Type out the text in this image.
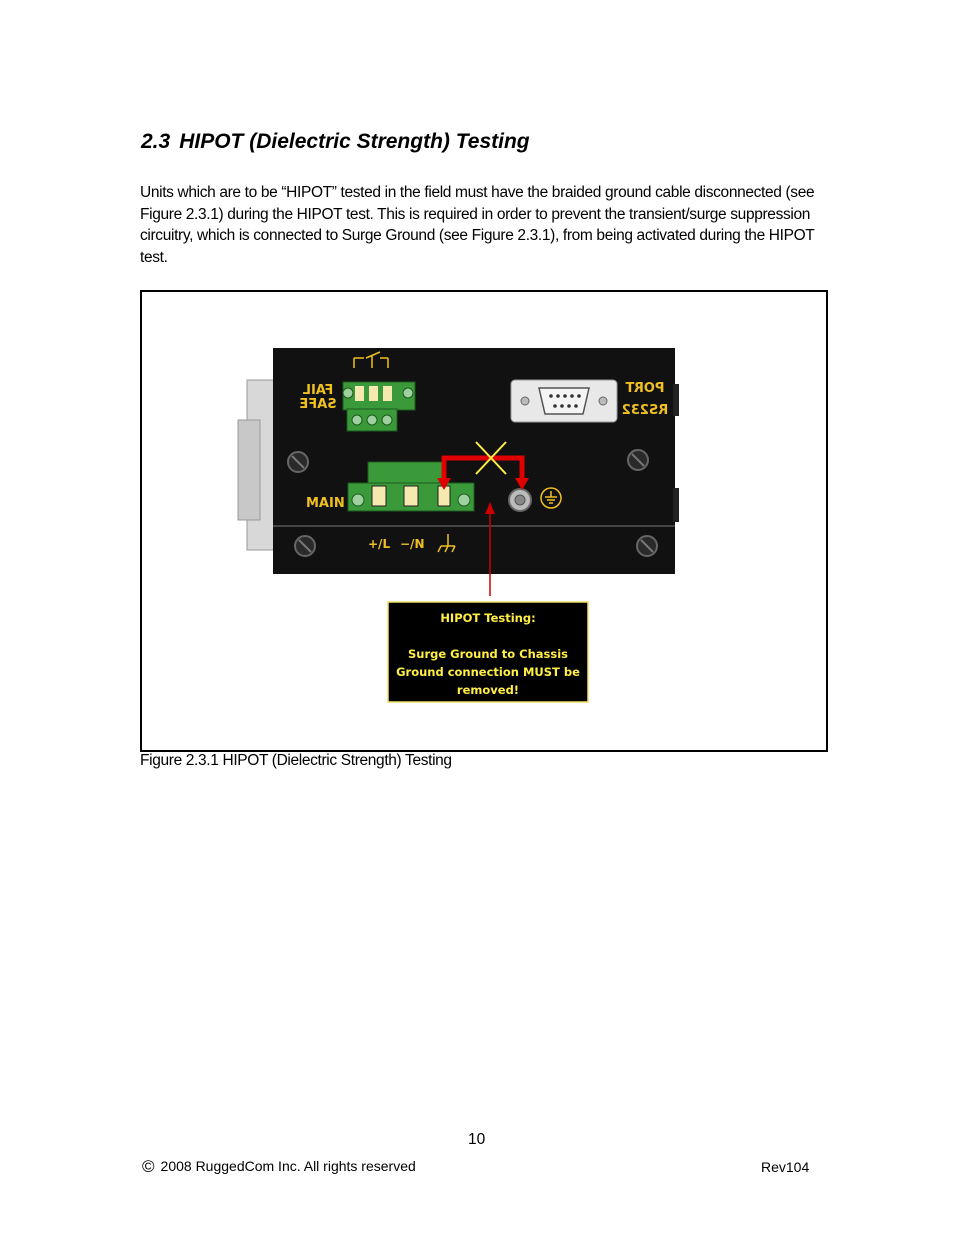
2.3 HIPOT (Dielectric Strength) Testing

Units which are to be “HIPOT” tested in the field must have the braided ground cable disconnected (see Figure 2.3.1) during the HIPOT test. This is required in order to prevent the transient/surge suppression circuitry, which is connected to Surge Ground (see Figure 2.3.1), from being activated during the HIPOT test.

FAIL
SAFE
PORT
RS232
MAIN
+/L −/N
HIPOT Testing:
Surge Ground to Chassis
Ground connection MUST be
removed!
Figure 2.3.1 HIPOT (Dielectric Strength) Testing
10
© 2008 RuggedCom Inc. All rights reserved	Rev104
